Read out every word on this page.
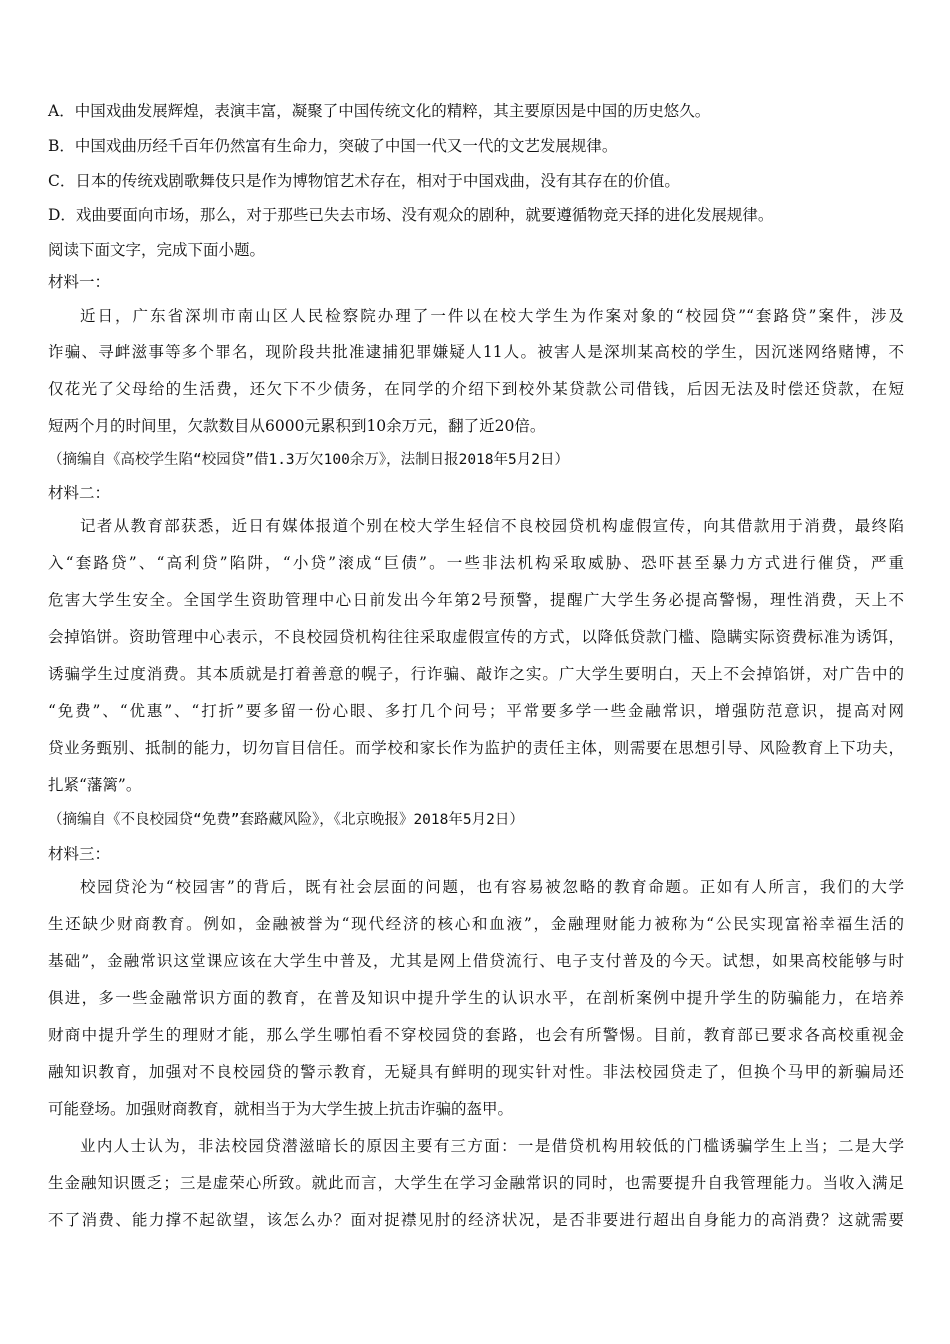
A．中国戏曲发展辉煌，表演丰富，凝聚了中国传统文化的精粹，其主要原因是中国的历史悠久。
B．中国戏曲历经千百年仍然富有生命力，突破了中国一代又一代的文艺发展规律。
C．日本的传统戏剧歌舞伎只是作为博物馆艺术存在，相对于中国戏曲，没有其存在的价值。
D．戏曲要面向市场，那么，对于那些已失去市场、没有观众的剧种，就要遵循物竞天择的进化发展规律。
阅读下面文字，完成下面小题。
材料一：
近日，广东省深圳市南山区人民检察院办理了一件以在校大学生为作案对象的“校园贷”“套路贷”案件，涉及
诈骗、寻衅滋事等多个罪名，现阶段共批准逮捕犯罪嫌疑人11人。被害人是深圳某高校的学生，因沉迷网络赌博，不
仅花光了父母给的生活费，还欠下不少债务，在同学的介绍下到校外某贷款公司借钱，后因无法及时偿还贷款，在短
短两个月的时间里，欠款数目从6000元累积到10余万元，翻了近20倍。
（摘编自《高校学生陷“校园贷”借1.3万欠100余万》，法制日报2018年5月2日）
材料二：
记者从教育部获悉，近日有媒体报道个别在校大学生轻信不良校园贷机构虚假宣传，向其借款用于消费，最终陷
入“套路贷”、“高利贷”陷阱，“小贷”滚成“巨债”。一些非法机构采取威胁、恐吓甚至暴力方式进行催贷，严重
危害大学生安全。全国学生资助管理中心日前发出今年第2号预警，提醒广大学生务必提高警惕，理性消费，天上不
会掉馅饼。资助管理中心表示，不良校园贷机构往往采取虚假宣传的方式，以降低贷款门槛、隐瞒实际资费标准为诱饵，
诱骗学生过度消费。其本质就是打着善意的幌子，行诈骗、敲诈之实。广大学生要明白，天上不会掉馅饼，对广告中的
“免费”、“优惠”、“打折”要多留一份心眼、多打几个问号；平常要多学一些金融常识，增强防范意识，提高对网
贷业务甄别、抵制的能力，切勿盲目信任。而学校和家长作为监护的责任主体，则需要在思想引导、风险教育上下功夫，
扎紧“藩篱”。
（摘编自《不良校园贷“免费”套路藏风险》，《北京晚报》2018年5月2日）
材料三：
校园贷沦为“校园害”的背后，既有社会层面的问题，也有容易被忽略的教育命题。正如有人所言，我们的大学
生还缺少财商教育。例如，金融被誉为“现代经济的核心和血液”，金融理财能力被称为“公民实现富裕幸福生活的
基础”，金融常识这堂课应该在大学生中普及，尤其是网上借贷流行、电子支付普及的今天。试想，如果高校能够与时
俱进，多一些金融常识方面的教育，在普及知识中提升学生的认识水平，在剖析案例中提升学生的防骗能力，在培养
财商中提升学生的理财才能，那么学生哪怕看不穿校园贷的套路，也会有所警惕。目前，教育部已要求各高校重视金
融知识教育，加强对不良校园贷的警示教育，无疑具有鲜明的现实针对性。非法校园贷走了，但换个马甲的新骗局还
可能登场。加强财商教育，就相当于为大学生披上抗击诈骗的盔甲。
业内人士认为，非法校园贷潜滋暗长的原因主要有三方面：一是借贷机构用较低的门槛诱骗学生上当；二是大学
生金融知识匮乏；三是虚荣心所致。就此而言，大学生在学习金融常识的同时，也需要提升自我管理能力。当收入满足
不了消费、能力撑不起欲望，该怎么办？面对捉襟见肘的经济状况，是否非要进行超出自身能力的高消费？这就需要
